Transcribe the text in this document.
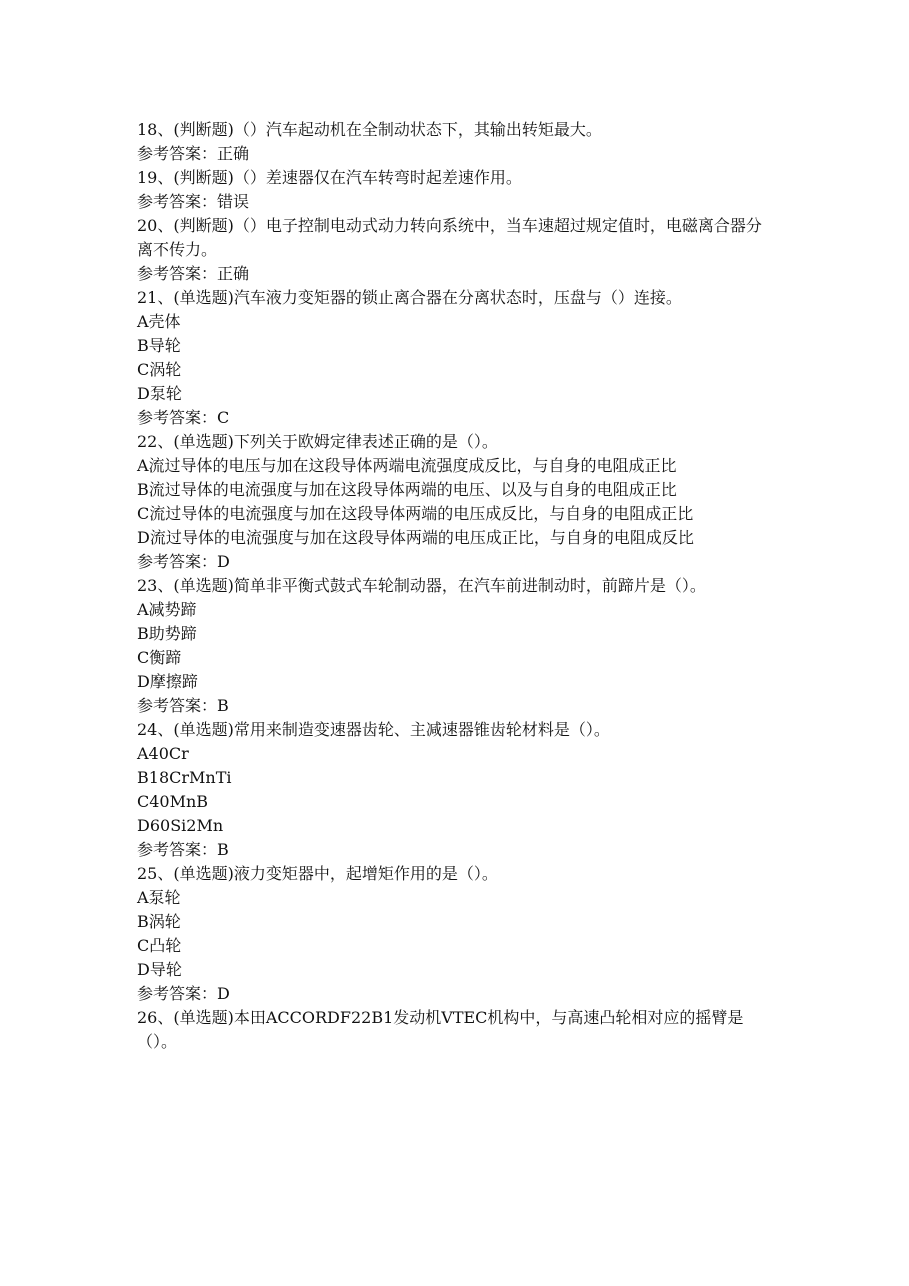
18、(判断题)（）汽车起动机在全制动状态下，其输出转矩最大。
参考答案：正确
19、(判断题)（）差速器仅在汽车转弯时起差速作用。
参考答案：错误
20、(判断题)（）电子控制电动式动力转向系统中，当车速超过规定值时，电磁离合器分离不传力。
参考答案：正确
21、(单选题)汽车液力变矩器的锁止离合器在分离状态时，压盘与（）连接。
A壳体
B导轮
C涡轮
D泵轮
参考答案：C
22、(单选题)下列关于欧姆定律表述正确的是（）。
A流过导体的电压与加在这段导体两端电流强度成反比，与自身的电阻成正比
B流过导体的电流强度与加在这段导体两端的电压、以及与自身的电阻成正比
C流过导体的电流强度与加在这段导体两端的电压成反比，与自身的电阻成正比
D流过导体的电流强度与加在这段导体两端的电压成正比，与自身的电阻成反比
参考答案：D
23、(单选题)简单非平衡式鼓式车轮制动器，在汽车前进制动时，前蹄片是（）。
A减势蹄
B助势蹄
C衡蹄
D摩擦蹄
参考答案：B
24、(单选题)常用来制造变速器齿轮、主减速器锥齿轮材料是（）。
A40Cr
B18CrMnTi
C40MnB
D60Si2Mn
参考答案：B
25、(单选题)液力变矩器中，起增矩作用的是（）。
A泵轮
B涡轮
C凸轮
D导轮
参考答案：D
26、(单选题)本田ACCORDF22B1发动机VTEC机构中，与高速凸轮相对应的摇臂是（）。
